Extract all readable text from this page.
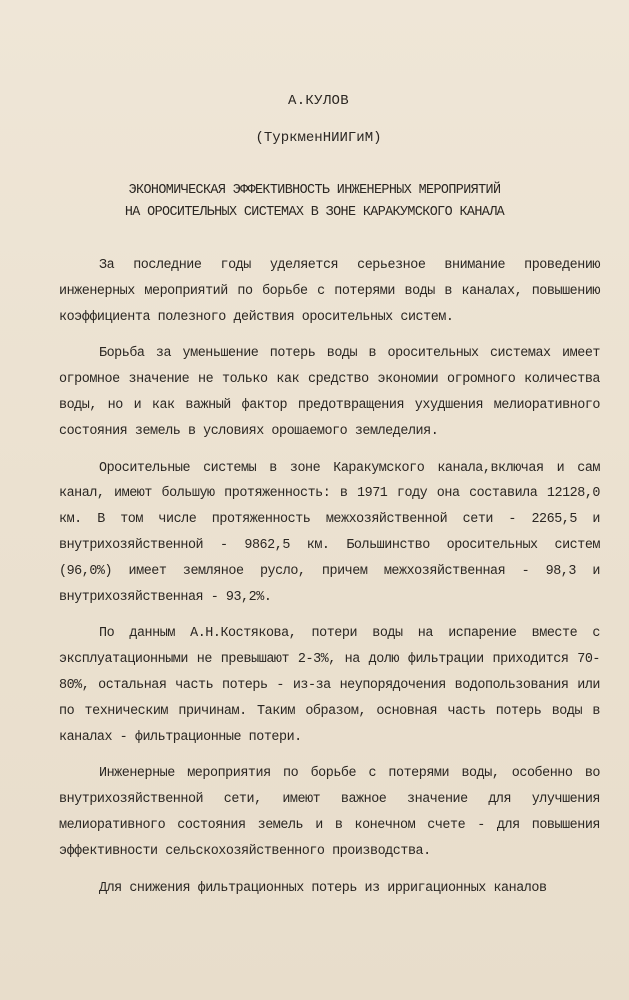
А.КУЛОВ
(ТуркменНИИГиМ)
ЭКОНОМИЧЕСКАЯ ЭФФЕКТИВНОСТЬ ИНЖЕНЕРНЫХ МЕРОПРИЯТИЙ
НА ОРОСИТЕЛЬНЫХ СИСТЕМАХ В ЗОНЕ КАРАКУМСКОГО КАНАЛА

За последние годы уделяется серьезное внимание проведению инженерных мероприятий по борьбе с потерями воды в каналах, повышению коэффициента полезного действия оросительных систем.

Борьба за уменьшение потерь воды в оросительных системах имеет огромное значение не только как средство экономии огромного количества воды, но и как важный фактор предотвращения ухудшения мелиоративного состояния земель в условиях орошаемого земледелия.

Оросительные системы в зоне Каракумского канала,включая и сам канал, имеют большую протяженность: в 1971 году она составила 12128,0 км. В том числе протяженность межхозяйственной сети - 2265,5 и внутрихозяйственной - 9862,5 км. Большинство оросительных систем (96,0%) имеет земляное русло, причем межхозяйственная - 98,3 и внутрихозяйственная - 93,2%.

По данным А.Н.Костякова, потери воды на испарение вместе с эксплуатационными не превышают 2-3%, на долю фильтрации приходится 70-80%, остальная часть потерь - из-за неупорядочения водопользования или по техническим причинам. Таким образом, основная часть потерь воды в каналах - фильтрационные потери.

Инженерные мероприятия по борьбе с потерями воды, особенно во внутрихозяйственной сети, имеют важное значение для улучшения мелиоративного состояния земель и в конечном счете - для повышения эффективности сельскохозяйственного производства.

Для снижения фильтрационных потерь из ирригационных каналов
